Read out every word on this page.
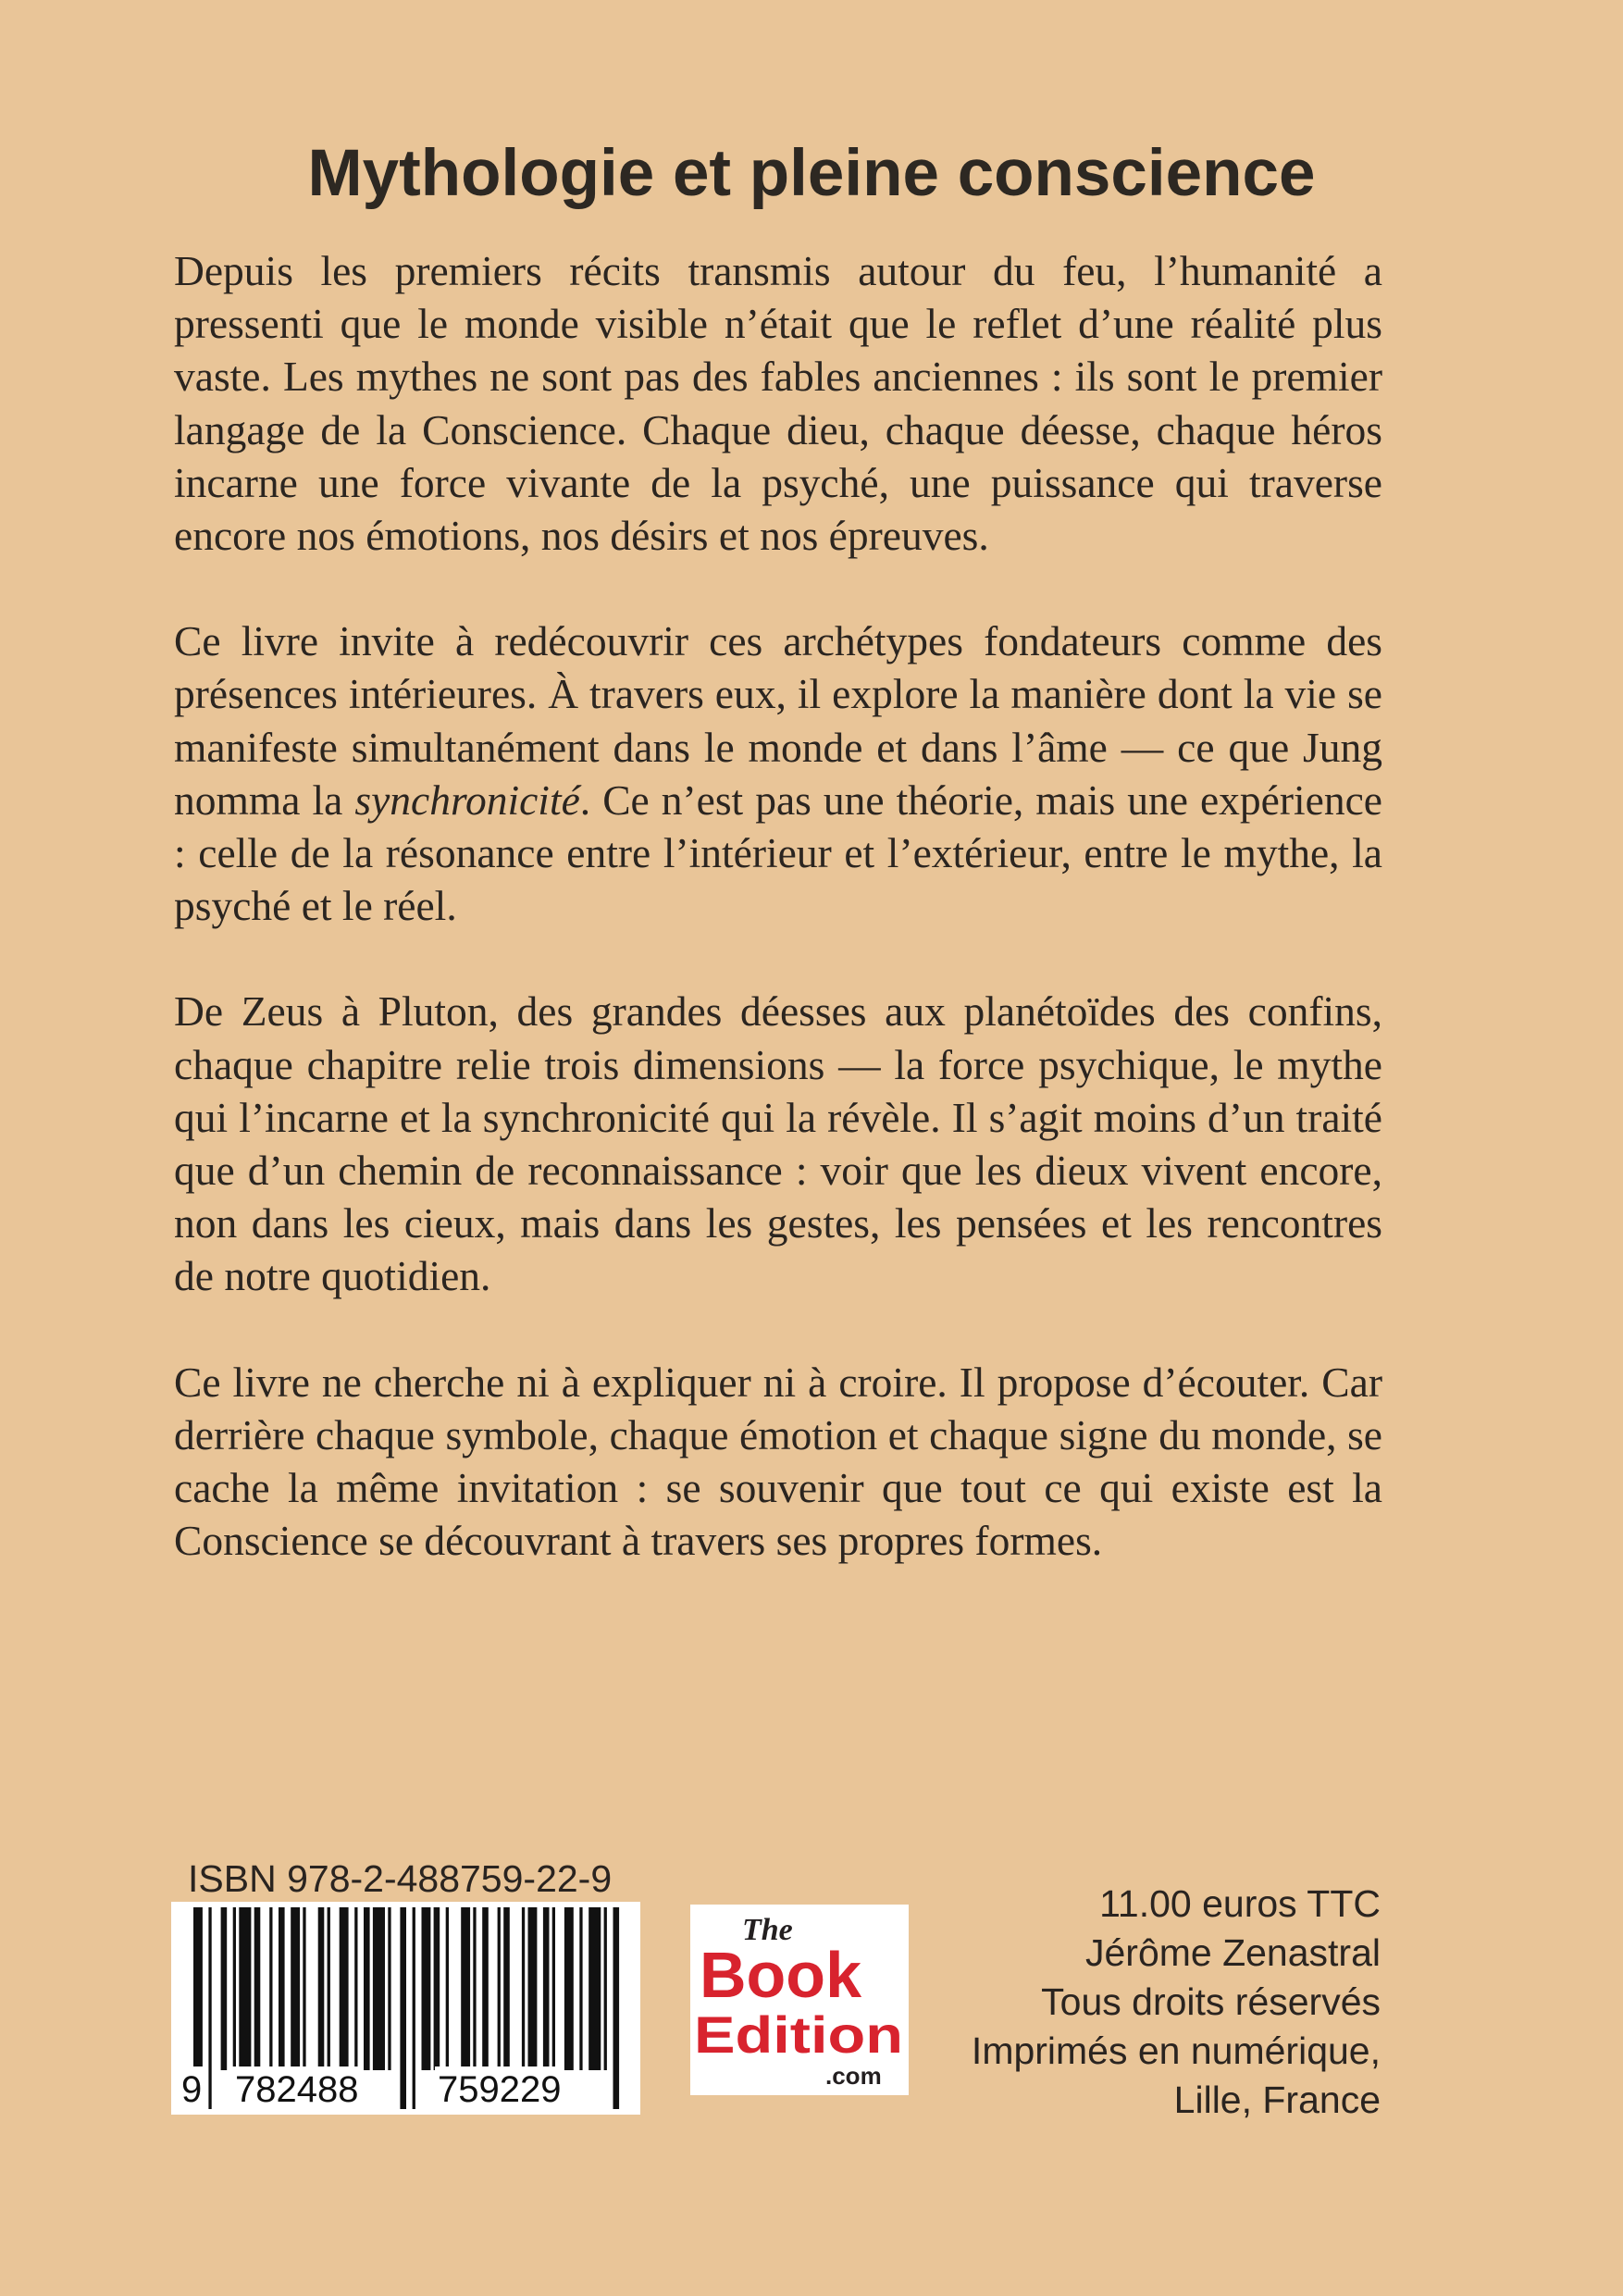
Mythologie et pleine conscience

Depuis les premiers récits transmis autour du feu, l’humanité a pressenti que le monde visible n’était que le reflet d’une réalité plus vaste. Les mythes ne sont pas des fables anciennes : ils sont le premier langage de la Conscience. Chaque dieu, chaque déesse, chaque héros incarne une force vivante de la psyché, une puissance qui traverse encore nos émotions, nos désirs et nos épreuves.

Ce livre invite à redécouvrir ces archétypes fondateurs comme des présences intérieures. À travers eux, il explore la manière dont la vie se manifeste simultanément dans le monde et dans l’âme — ce que Jung nomma la synchronicité. Ce n’est pas une théorie, mais une expérience : celle de la résonance entre l’intérieur et l’extérieur, entre le mythe, la psyché et le réel.

De Zeus à Pluton, des grandes déesses aux planétoïdes des confins, chaque chapitre relie trois dimensions — la force psychique, le mythe qui l’incarne et la synchronicité qui la révèle. Il s’agit moins d’un traité que d’un chemin de reconnaissance : voir que les dieux vivent encore, non dans les cieux, mais dans les gestes, les pensées et les rencontres de notre quotidien.

Ce livre ne cherche ni à expliquer ni à croire. Il propose d’écouter. Car derrière chaque symbole, chaque émotion et chaque signe du monde, se cache la même invitation : se souvenir que tout ce qui existe est la Conscience se découvrant à travers ses propres formes.

ISBN 978-2-488759-22-9
9 782488 759229
The
Book
Edition
.com
11.00 euros TTC
Jérôme Zenastral
Tous droits réservés
Imprimés en numérique,
Lille, France
